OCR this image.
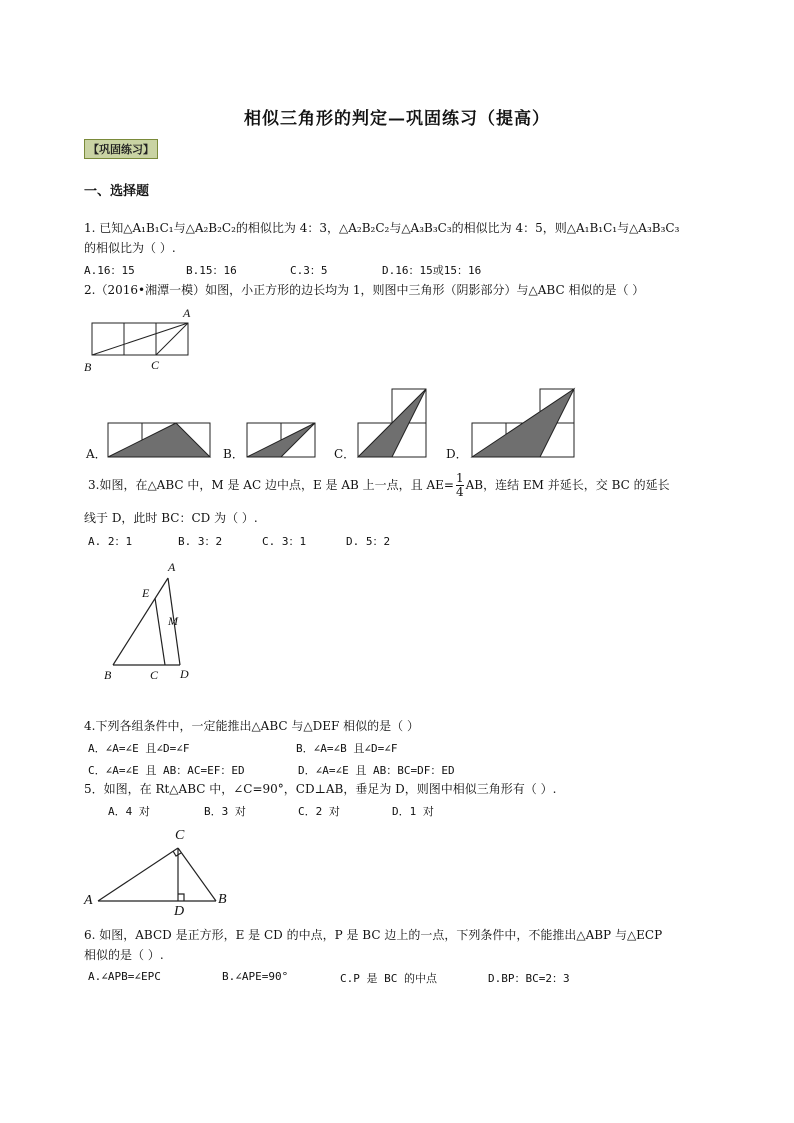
相似三角形的判定—巩固练习（提高）
【巩固练习】
一、选择题
1. 已知△A₁B₁C₁与△A₂B₂C₂的相似比为 4：3，△A₂B₂C₂与△A₃B₃C₃的相似比为 4：5，则△A₁B₁C₁与△A₃B₃C₃
的相似比为（ ）.
A.16：15	B.15：16	C.3：5	D.16：15或15：16
2.（2016•湘潭一模）如图，小正方形的边长均为 1，则图中三角形（阴影部分）与△ABC 相似的是（ ）
A
B	C
A．	B．	C．	D．
3.如图，在△ABC 中，M 是 AC 边中点，E 是 AB 上一点，且 $AE= \frac{1}{4}$ AB，连结 EM 并延长，交 BC 的延长
线于 D，此时 BC：CD 为（ ）.
A. 2：1	B. 3：2	C. 3：1	D. 5：2
A
E
M
B	C D
4.下列各组条件中，一定能推出△ABC 与△DEF 相似的是（ ）
A．∠A=∠E 且∠D=∠F	B．∠A=∠B 且∠D=∠F
C．∠A=∠E 且 AB：AC=EF：ED	D．∠A=∠E 且 AB：BC=DF：ED
5．如图，在 Rt△ABC 中，∠C=90°，CD⊥AB，垂足为 D，则图中相似三角形有（ ）.
A．4 对	B．3 对	C．2 对	D．1 对
C
A
D
B
6. 如图，ABCD 是正方形，E 是 CD 的中点，P 是 BC 边上的一点，下列条件中，不能推出△ABP 与△ECP
相似的是（ ）.
A.∠APB=∠EPC	B.∠APE=90°	C.P 是 BC 的中点	D.BP：BC=2：3
